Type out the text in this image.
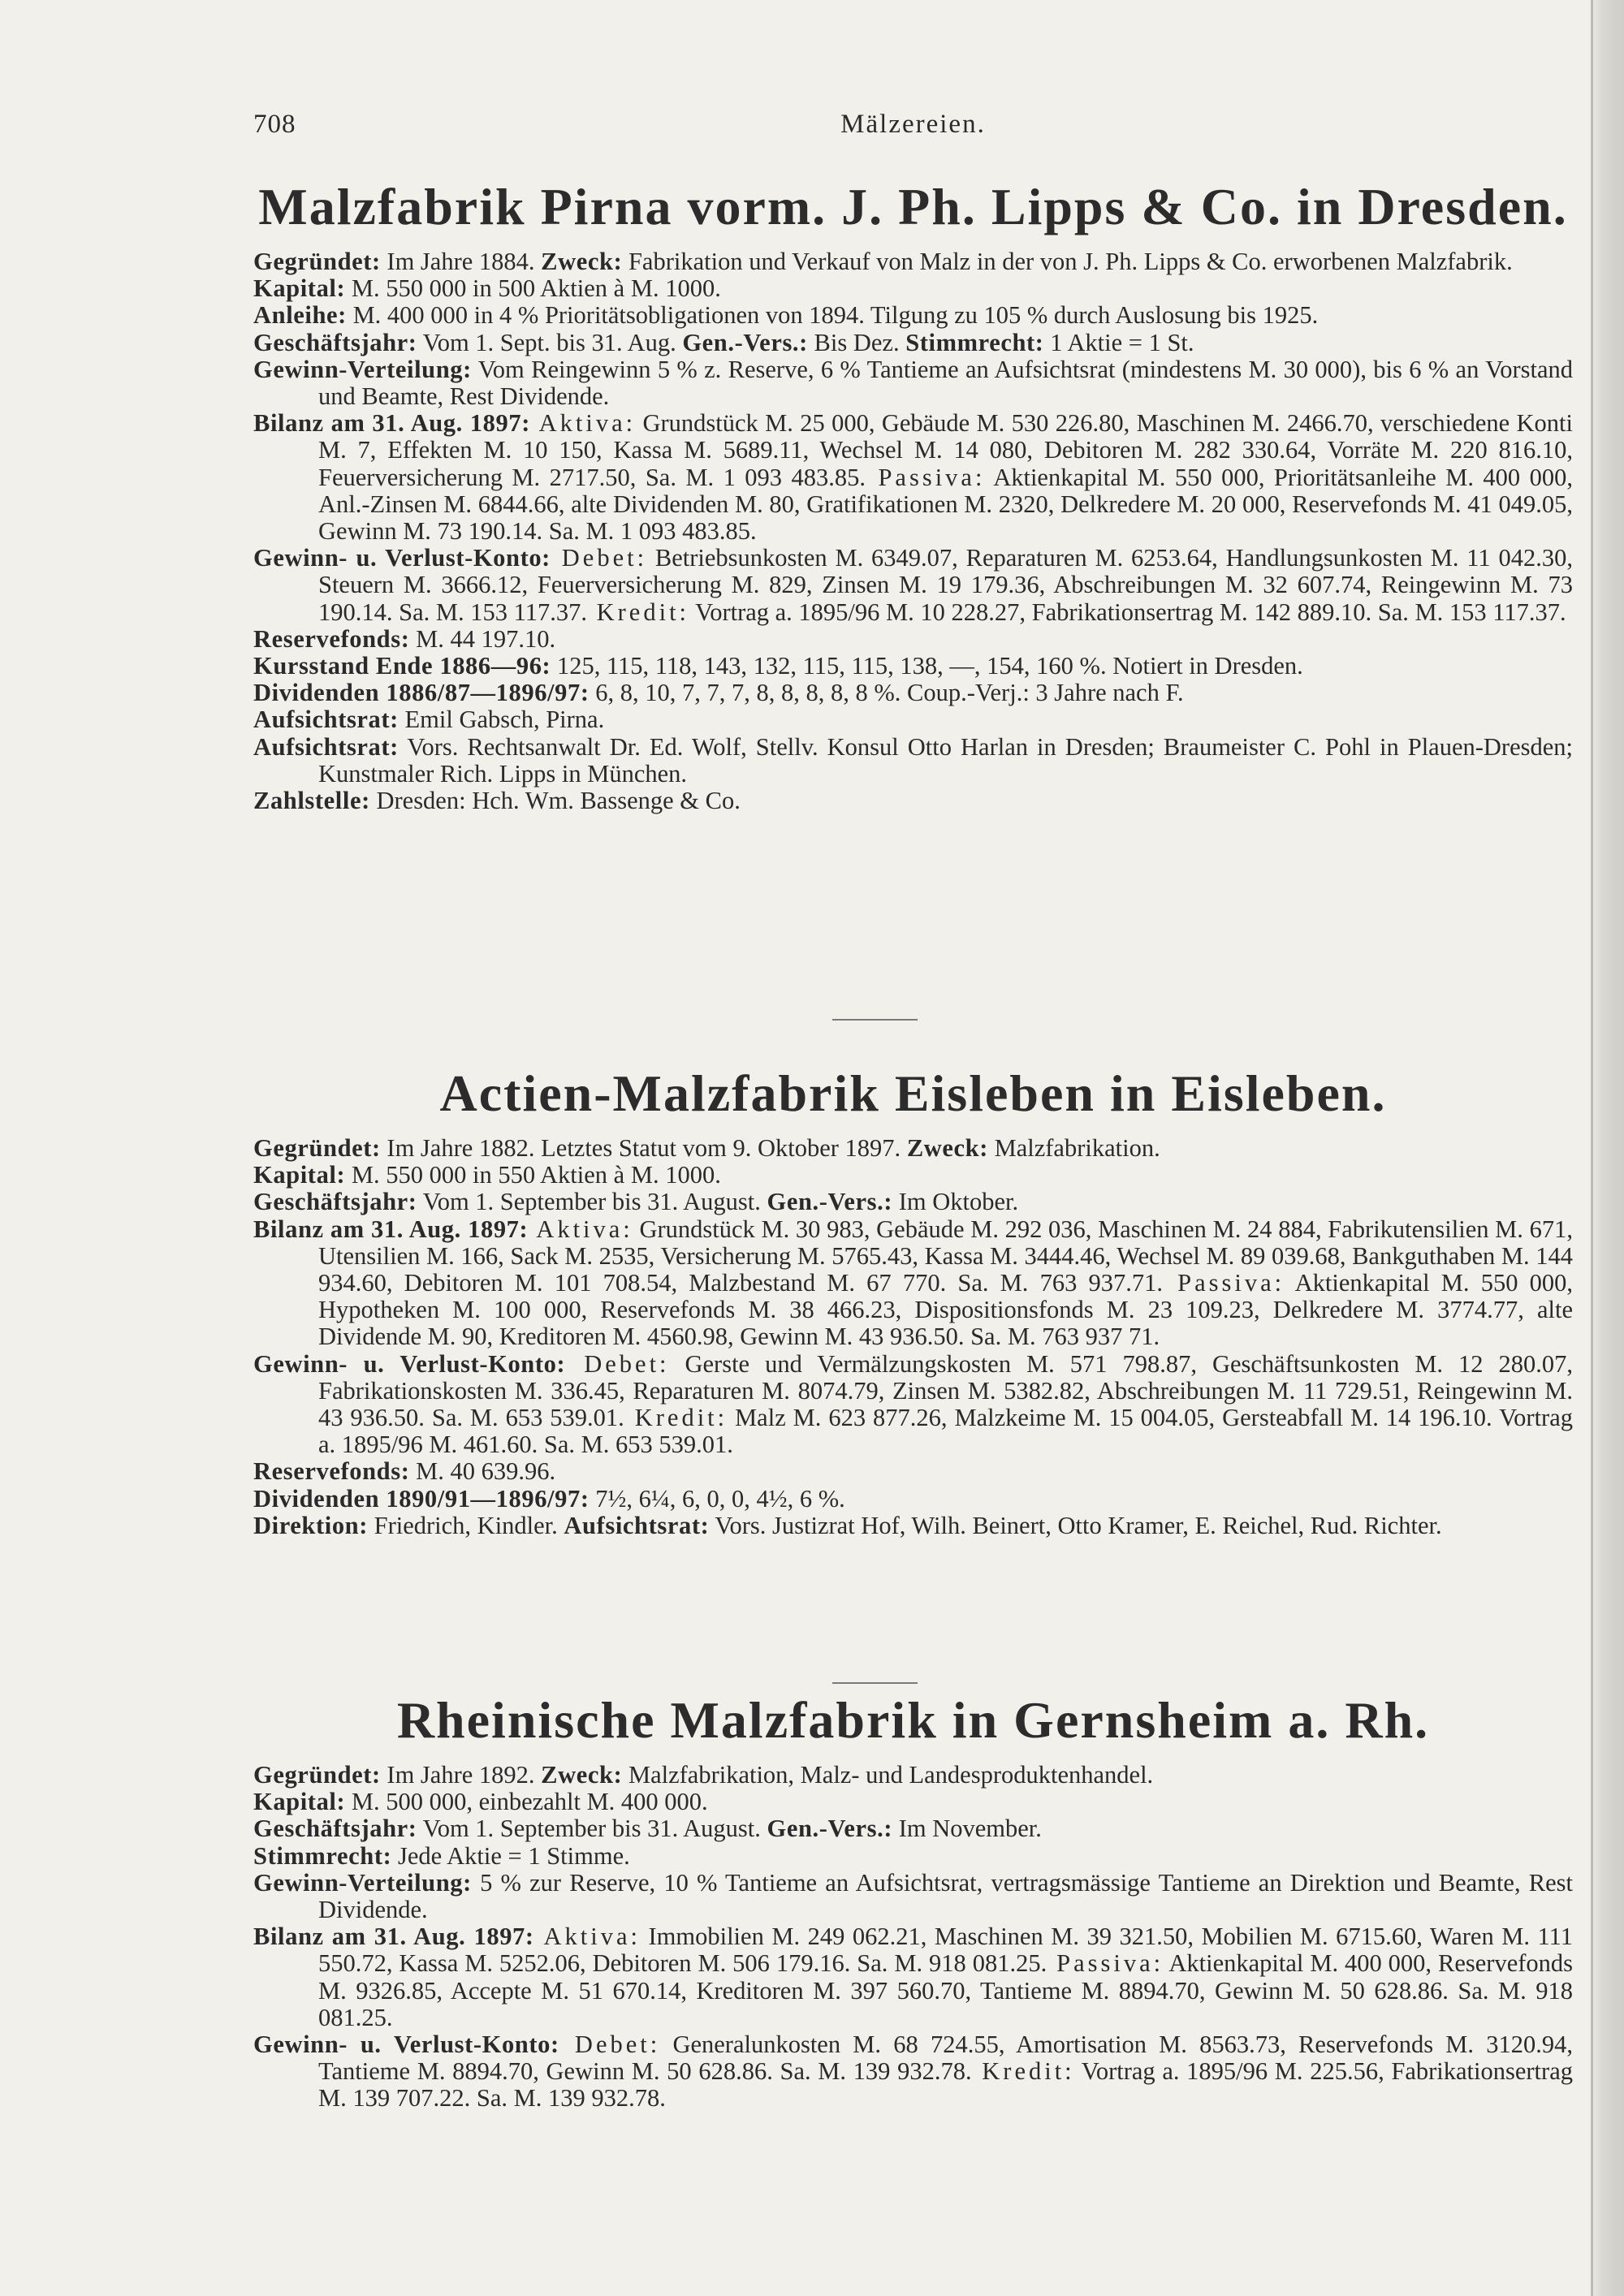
708	Mälzereien.
Malzfabrik Pirna vorm. J. Ph. Lipps & Co. in Dresden.

Gegründet: Im Jahre 1884. Zweck: Fabrikation und Verkauf von Malz in der von J. Ph. Lipps & Co. erworbenen Malzfabrik.

Kapital: M. 550 000 in 500 Aktien à M. 1000.

Anleihe: M. 400 000 in 4 % Prioritätsobligationen von 1894. Tilgung zu 105 % durch Auslosung bis 1925.

Geschäftsjahr: Vom 1. Sept. bis 31. Aug. Gen.-Vers.: Bis Dez. Stimmrecht: 1 Aktie = 1 St.

Gewinn-Verteilung: Vom Reingewinn 5 % z. Reserve, 6 % Tantieme an Aufsichtsrat (mindestens M. 30 000), bis 6 % an Vorstand und Beamte, Rest Dividende.

Bilanz am 31. Aug. 1897: Aktiva: Grundstück M. 25 000, Gebäude M. 530 226.80, Maschinen M. 2466.70, verschiedene Konti M. 7, Effekten M. 10 150, Kassa M. 5689.11, Wechsel M. 14 080, Debitoren M. 282 330.64, Vorräte M. 220 816.10, Feuerversicherung M. 2717.50, Sa. M. 1 093 483.85. Passiva: Aktienkapital M. 550 000, Prioritätsanleihe M. 400 000, Anl.-Zinsen M. 6844.66, alte Dividenden M. 80, Gratifikationen M. 2320, Delkredere M. 20 000, Reservefonds M. 41 049.05, Gewinn M. 73 190.14. Sa. M. 1 093 483.85.

Gewinn- u. Verlust-Konto: Debet: Betriebsunkosten M. 6349.07, Reparaturen M. 6253.64, Handlungsunkosten M. 11 042.30, Steuern M. 3666.12, Feuerversicherung M. 829, Zinsen M. 19 179.36, Abschreibungen M. 32 607.74, Reingewinn M. 73 190.14. Sa. M. 153 117.37. Kredit: Vortrag a. 1895/96 M. 10 228.27, Fabrikationsertrag M. 142 889.10. Sa. M. 153 117.37.

Reservefonds: M. 44 197.10.

Kursstand Ende 1886—96: 125, 115, 118, 143, 132, 115, 115, 138, —, 154, 160 %. Notiert in Dresden.

Dividenden 1886/87—1896/97: 6, 8, 10, 7, 7, 7, 8, 8, 8, 8, 8 %. Coup.-Verj.: 3 Jahre nach F.

Aufsichtsrat: Emil Gabsch, Pirna.

Aufsichtsrat: Vors. Rechtsanwalt Dr. Ed. Wolf, Stellv. Konsul Otto Harlan in Dresden; Braumeister C. Pohl in Plauen-Dresden; Kunstmaler Rich. Lipps in München.

Zahlstelle: Dresden: Hch. Wm. Bassenge & Co.

Actien-Malzfabrik Eisleben in Eisleben.

Gegründet: Im Jahre 1882. Letztes Statut vom 9. Oktober 1897. Zweck: Malzfabrikation.

Kapital: M. 550 000 in 550 Aktien à M. 1000.

Geschäftsjahr: Vom 1. September bis 31. August. Gen.-Vers.: Im Oktober.

Bilanz am 31. Aug. 1897: Aktiva: Grundstück M. 30 983, Gebäude M. 292 036, Maschinen M. 24 884, Fabrikutensilien M. 671, Utensilien M. 166, Sack M. 2535, Versicherung M. 5765.43, Kassa M. 3444.46, Wechsel M. 89 039.68, Bankguthaben M. 144 934.60, Debitoren M. 101 708.54, Malzbestand M. 67 770. Sa. M. 763 937.71. Passiva: Aktienkapital M. 550 000, Hypotheken M. 100 000, Reservefonds M. 38 466.23, Dispositionsfonds M. 23 109.23, Delkredere M. 3774.77, alte Dividende M. 90, Kreditoren M. 4560.98, Gewinn M. 43 936.50. Sa. M. 763 937 71.

Gewinn- u. Verlust-Konto: Debet: Gerste und Vermälzungskosten M. 571 798.87, Geschäftsunkosten M. 12 280.07, Fabrikationskosten M. 336.45, Reparaturen M. 8074.79, Zinsen M. 5382.82, Abschreibungen M. 11 729.51, Reingewinn M. 43 936.50. Sa. M. 653 539.01. Kredit: Malz M. 623 877.26, Malzkeime M. 15 004.05, Gersteabfall M. 14 196.10. Vortrag a. 1895/96 M. 461.60. Sa. M. 653 539.01.

Reservefonds: M. 40 639.96.

Dividenden 1890/91—1896/97: 7½, 6¼, 6, 0, 0, 4½, 6 %.

Direktion: Friedrich, Kindler. Aufsichtsrat: Vors. Justizrat Hof, Wilh. Beinert, Otto Kramer, E. Reichel, Rud. Richter.

Rheinische Malzfabrik in Gernsheim a. Rh.

Gegründet: Im Jahre 1892. Zweck: Malzfabrikation, Malz- und Landesproduktenhandel.

Kapital: M. 500 000, einbezahlt M. 400 000.

Geschäftsjahr: Vom 1. September bis 31. August. Gen.-Vers.: Im November.

Stimmrecht: Jede Aktie = 1 Stimme.

Gewinn-Verteilung: 5 % zur Reserve, 10 % Tantieme an Aufsichtsrat, vertragsmässige Tantieme an Direktion und Beamte, Rest Dividende.

Bilanz am 31. Aug. 1897: Aktiva: Immobilien M. 249 062.21, Maschinen M. 39 321.50, Mobilien M. 6715.60, Waren M. 111 550.72, Kassa M. 5252.06, Debitoren M. 506 179.16. Sa. M. 918 081.25. Passiva: Aktienkapital M. 400 000, Reservefonds M. 9326.85, Accepte M. 51 670.14, Kreditoren M. 397 560.70, Tantieme M. 8894.70, Gewinn M. 50 628.86. Sa. M. 918 081.25.

Gewinn- u. Verlust-Konto: Debet: Generalunkosten M. 68 724.55, Amortisation M. 8563.73, Reservefonds M. 3120.94, Tantieme M. 8894.70, Gewinn M. 50 628.86. Sa. M. 139 932.78. Kredit: Vortrag a. 1895/96 M. 225.56, Fabrikationsertrag M. 139 707.22. Sa. M. 139 932.78.
